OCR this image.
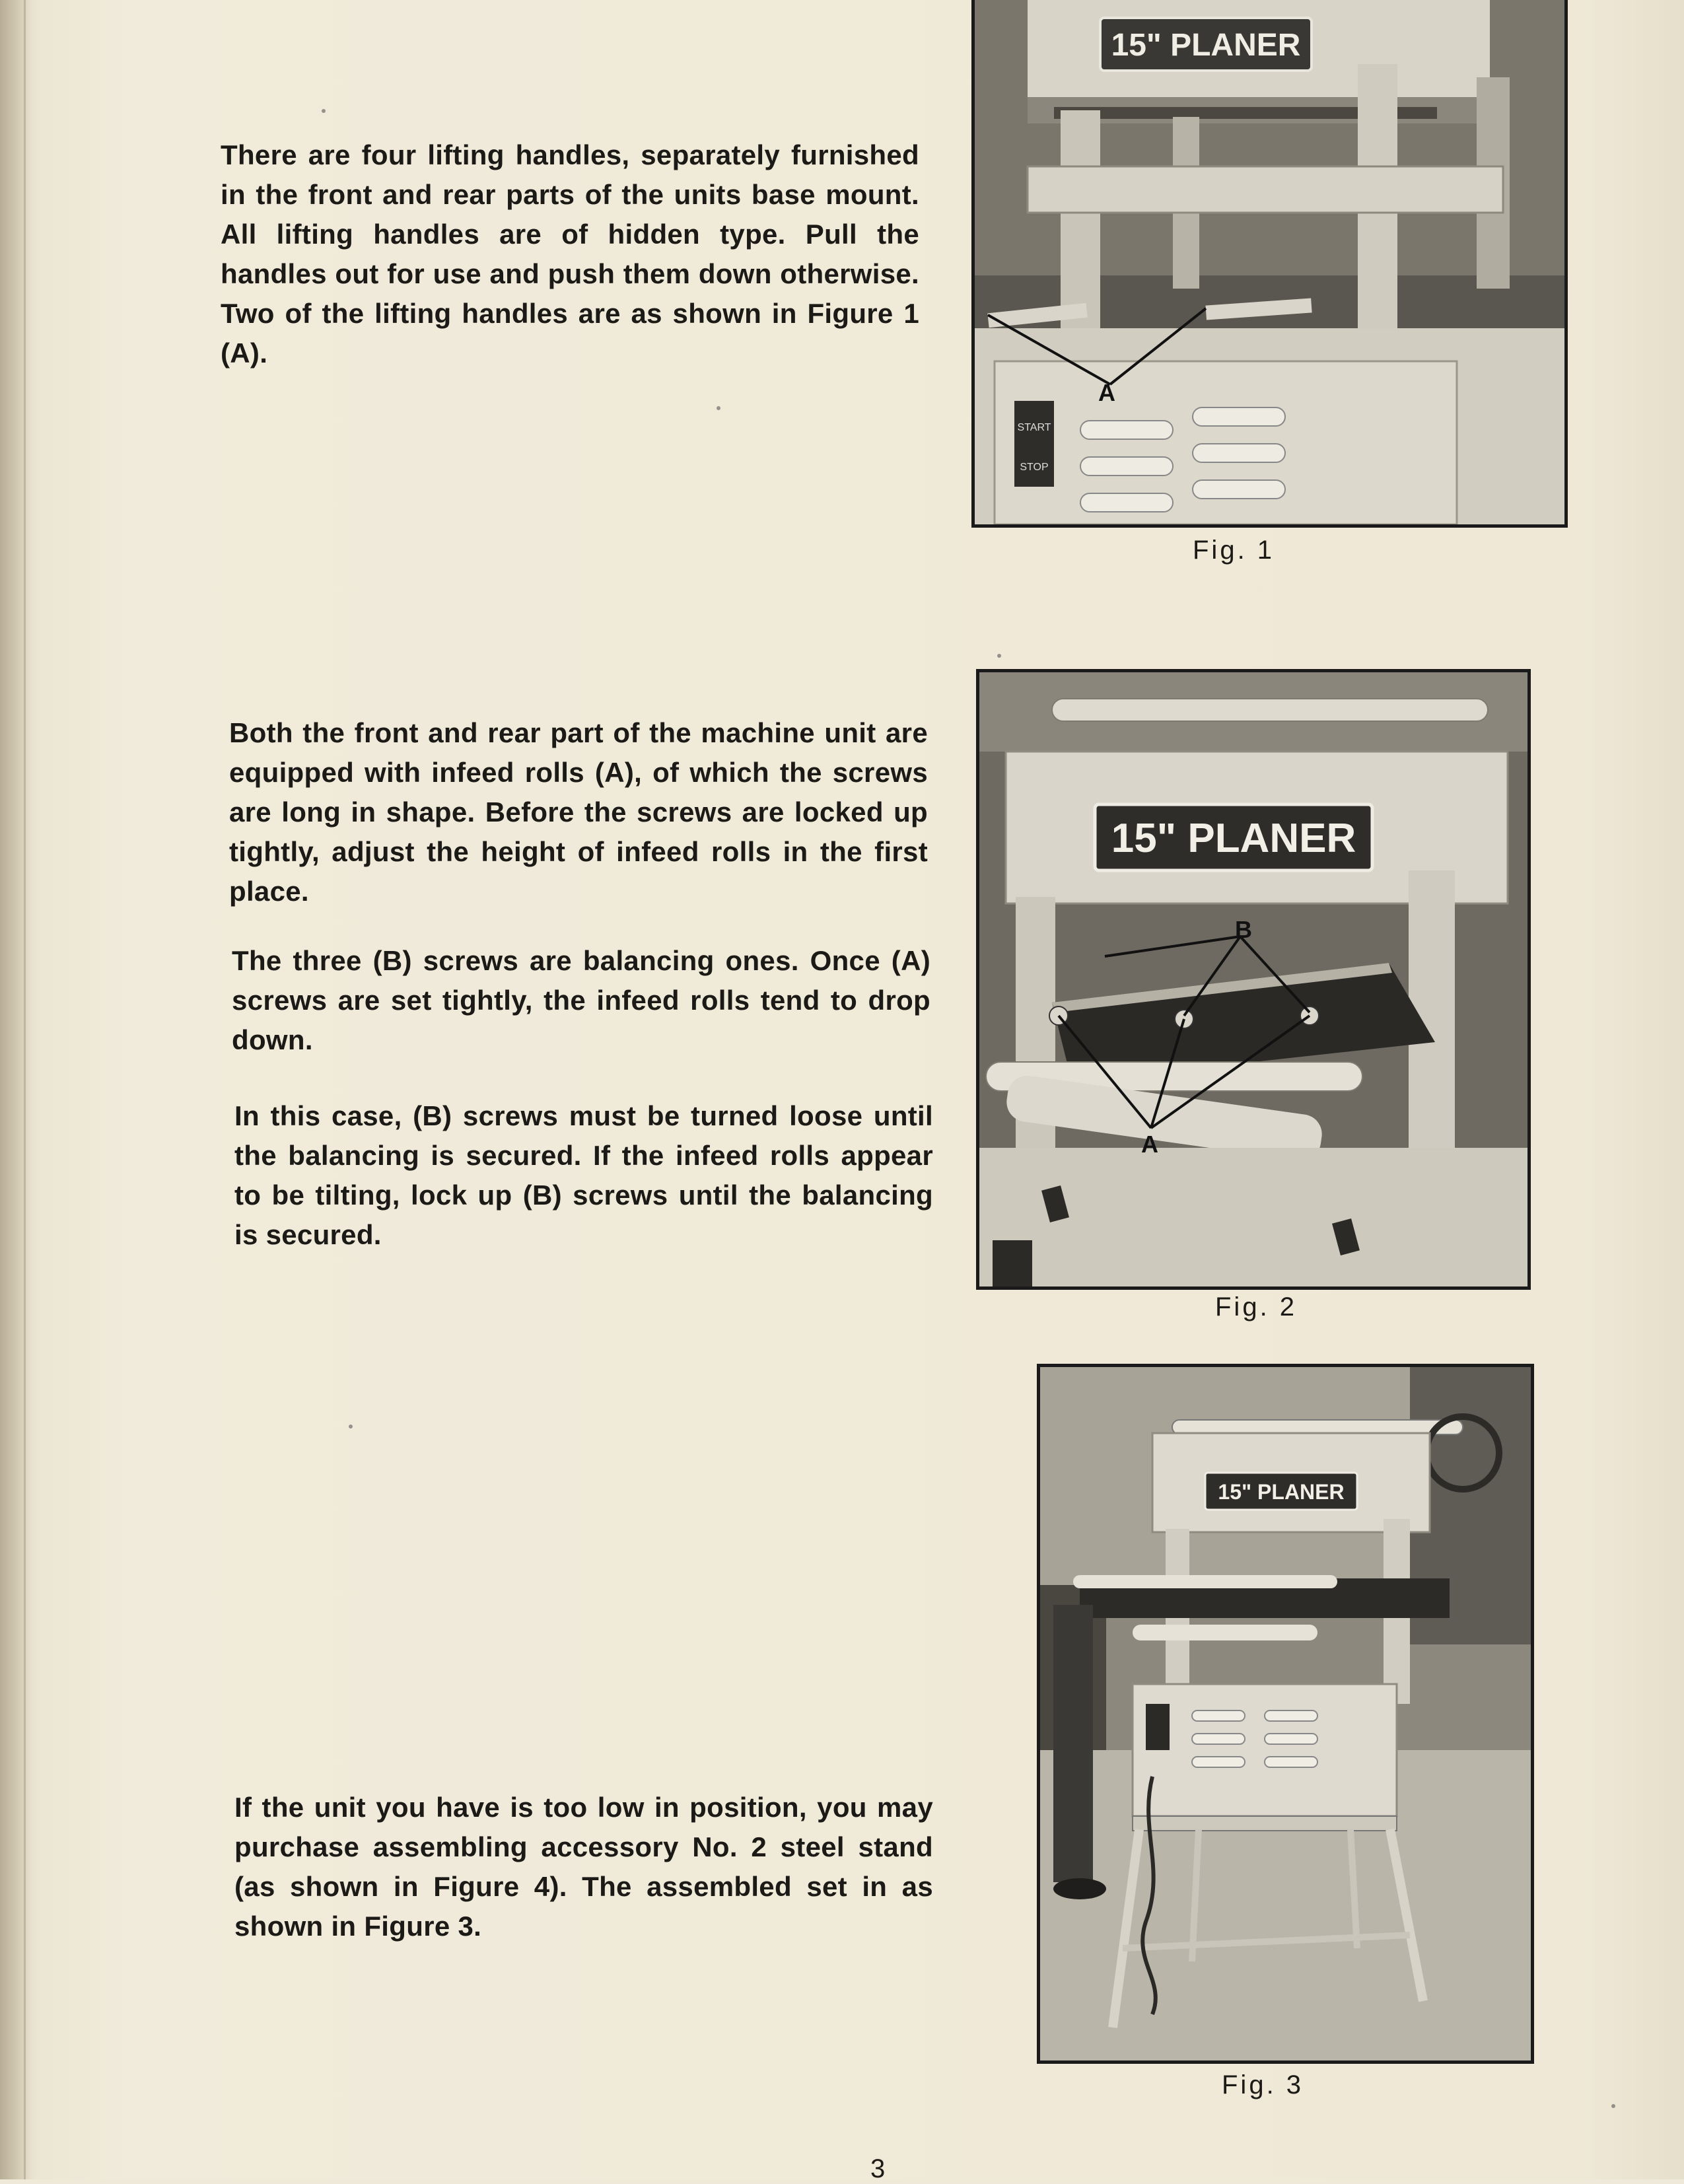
There are four lifting handles, separately furnished in the front and rear parts of the units base mount. All lifting handles are of hidden type. Pull the handles out for use and push them down otherwise. Two of the lifting handles are as shown in Figure 1 (A).

15" PLANER
START
STOP
A
Fig. 1

Both the front and rear part of the machine unit are equipped with infeed rolls (A), of which the screws are long in shape. Before the screws are locked up tightly, adjust the height of infeed rolls in the first place.

The three (B) screws are balancing ones. Once (A) screws are set tightly, the infeed rolls tend to drop down.

In this case, (B) screws must be turned loose until the balancing is secured. If the infeed rolls appear to be tilting, lock up (B) screws until the balancing is secured.

15" PLANER
B
A
Fig. 2

If the unit you have is too low in position, you may purchase assembling accessory No. 2 steel stand (as shown in Figure 4). The assembled set in as shown in Figure 3.

15" PLANER
Fig. 3
3
